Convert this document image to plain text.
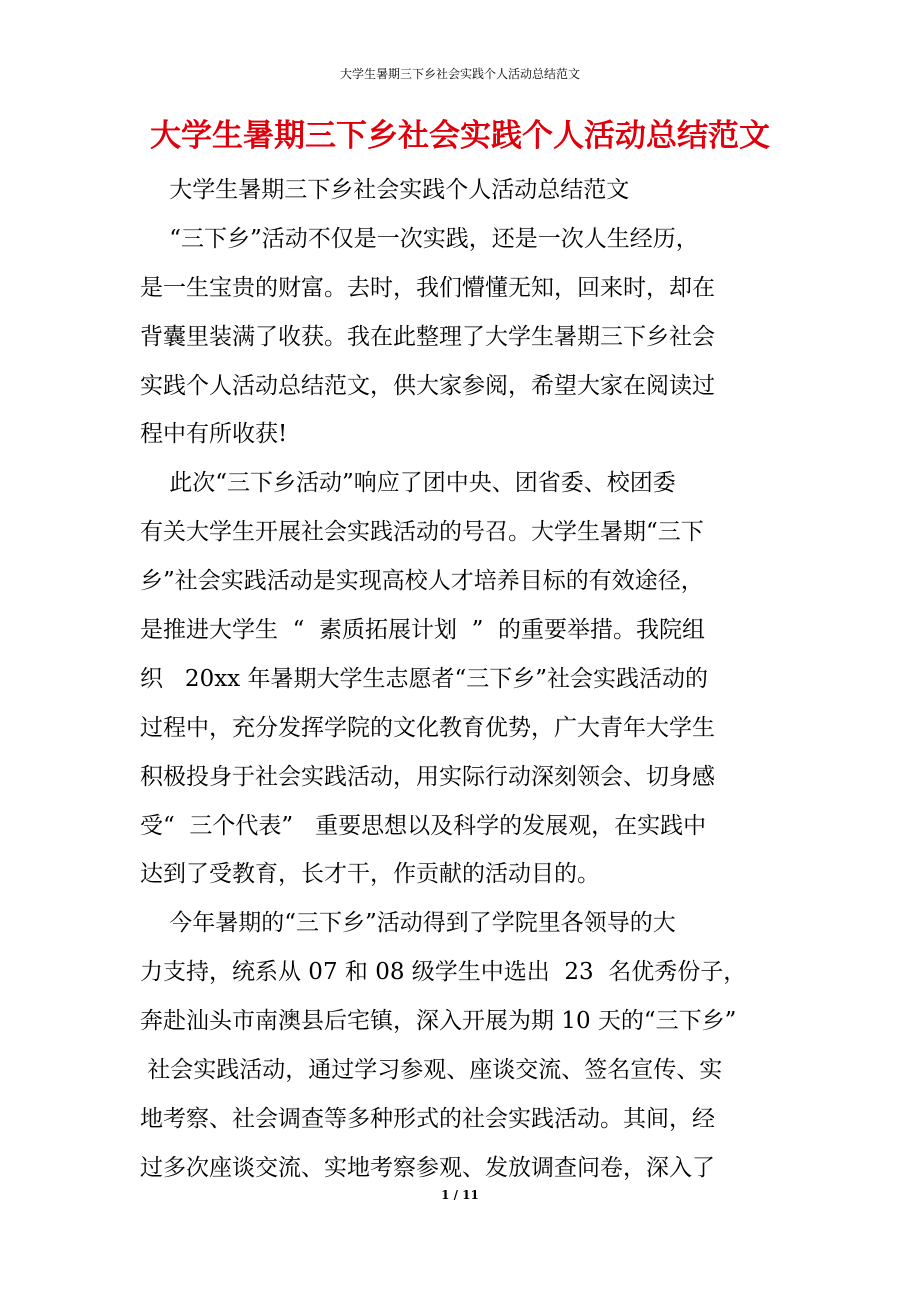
大学生暑期三下乡社会实践个人活动总结范文
大学生暑期三下乡社会实践个人活动总结范文
大学生暑期三下乡社会实践个人活动总结范文
“三下乡”活动不仅是一次实践，还是一次人生经历，
是一生宝贵的财富。去时，我们懵懂无知，回来时，却在
背囊里装满了收获。我在此整理了大学生暑期三下乡社会
实践个人活动总结范文，供大家参阅，希望大家在阅读过
程中有所收获!
此次“三下乡活动”响应了团中央、团省委、校团委
有关大学生开展社会实践活动的号召。大学生暑期“三下
乡”社会实践活动是实现高校人才培养目标的有效途径，
是推进大学生  “  素质拓展计划  ”  的重要举措。我院组
织   20xx 年暑期大学生志愿者“三下乡”社会实践活动的
过程中，充分发挥学院的文化教育优势，广大青年大学生
积极投身于社会实践活动，用实际行动深刻领会、切身感
受“  三个代表”   重要思想以及科学的发展观，在实践中
达到了受教育，长才干，作贡献的活动目的。
今年暑期的“三下乡”活动得到了学院里各领导的大
力支持，统系从 07 和 08 级学生中选出  23  名优秀份子，
奔赴汕头市南澳县后宅镇，深入开展为期 10 天的“三下乡”
社会实践活动，通过学习参观、座谈交流、签名宣传、实
地考察、社会调查等多种形式的社会实践活动。其间，经
过多次座谈交流、实地考察参观、发放调查问卷，深入了
1 / 11
